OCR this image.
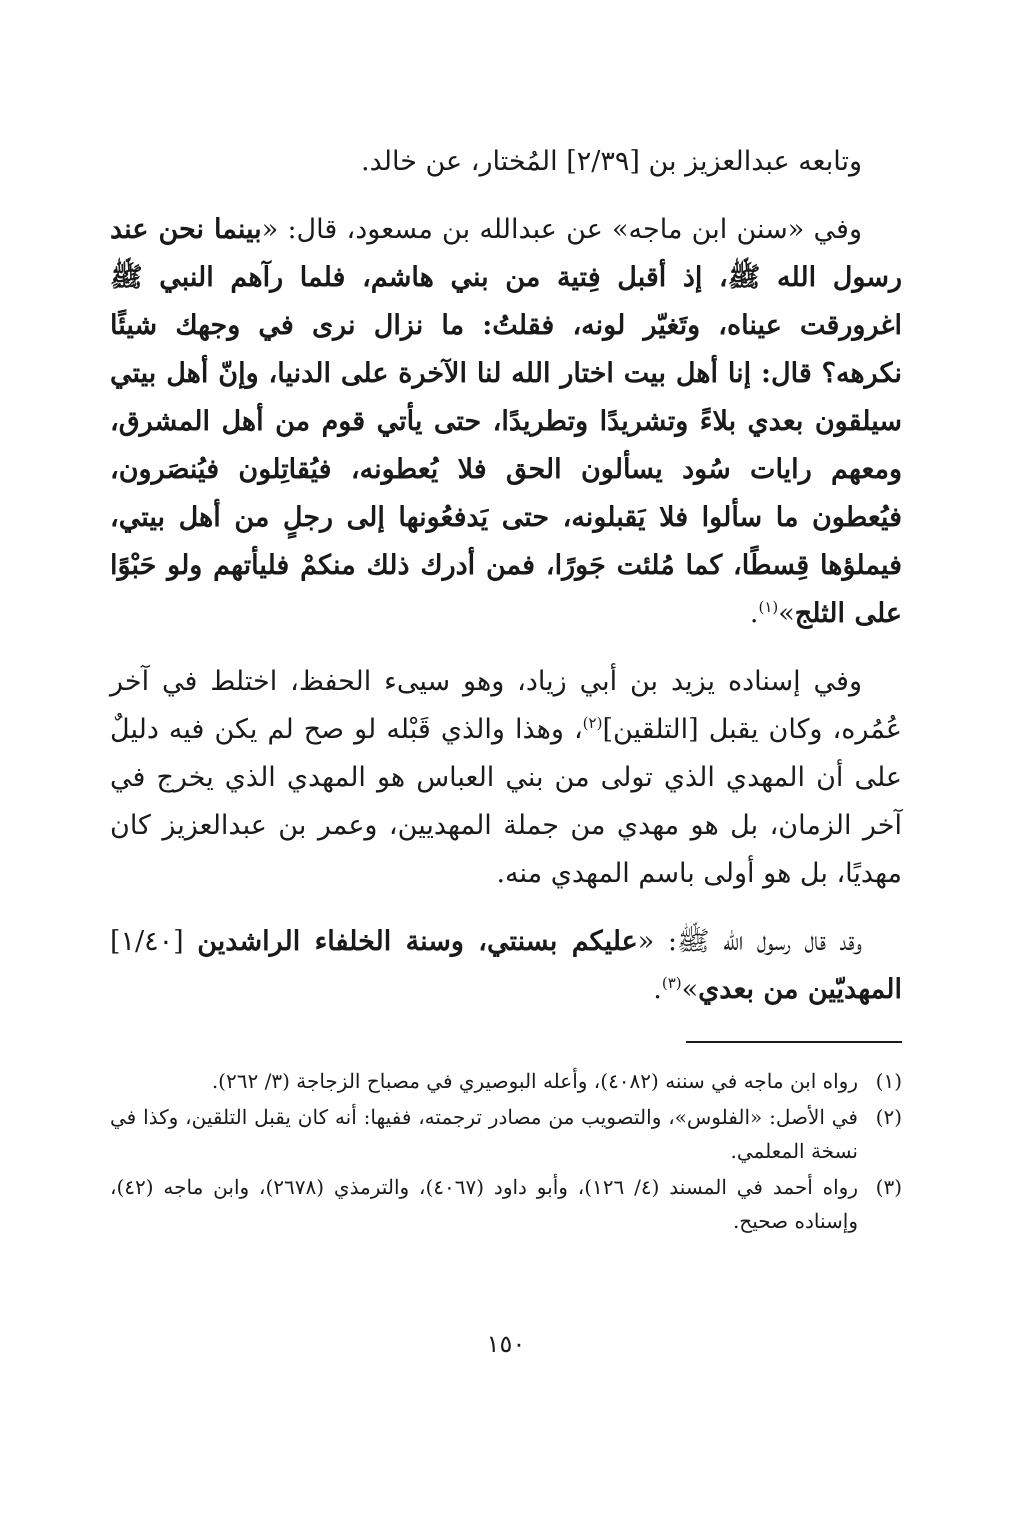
وتابعه عبدالعزيز بن [٢/٣٩] المُختار، عن خالد.

وفي «سنن ابن ماجه» عن عبدالله بن مسعود، قال: «بينما نحن عند رسول الله ﷺ، إذ أقبل فِتية من بني هاشم، فلما رآهم النبي ﷺ اغرورقت عيناه، وتَغيّر لونه، فقلتُ: ما نزال نرى في وجهك شيئًا نكرهه؟ قال: إنا أهل بيت اختار الله لنا الآخرة على الدنيا، وإنّ أهل بيتي سيلقون بعدي بلاءً وتشريدًا وتطريدًا، حتى يأتي قوم من أهل المشرق، ومعهم رايات سُود يسألون الحق فلا يُعطونه، فيُقاتِلون فيُنصَرون، فيُعطون ما سألوا فلا يَقبلونه، حتى يَدفعُونها إلى رجلٍ من أهل بيتي، فيملؤها قِسطًا، كما مُلئت جَورًا، فمن أدرك ذلك منكمْ فليأتهم ولو حَبْوًا على الثلج»$^{(١)}$.

وفي إسناده يزيد بن أبي زياد، وهو سيىء الحفظ، اختلط في آخر عُمُره، وكان يقبل [التلقين]$^{(٢)}$، وهذا والذي قَبْله لو صح لم يكن فيه دليلٌ على أن المهدي الذي تولى من بني العباس هو المهدي الذي يخرج في آخر الزمان، بل هو مهدي من جملة المهديين، وعمر بن عبدالعزيز كان مهديًا، بل هو أولى باسم المهدي منه.

وقد قال رسول الله ﷺ: «عليكم بسنتي، وسنة الخلفاء الراشدين [١/٤٠] المهديّين من بعدي»$^{(٣)}$.

(١)
رواه ابن ماجه في سننه (٤٠٨٢)، وأعله البوصيري في مصباح الزجاجة (٣/ ٢٦٢).
(٢)
في الأصل: «الفلوس»، والتصويب من مصادر ترجمته، ففيها: أنه كان يقبل التلقين، وكذا في نسخة المعلمي.
(٣)
رواه أحمد في المسند (٤/ ١٢٦)، وأبو داود (٤٠٦٧)، والترمذي (٢٦٧٨)، وابن ماجه (٤٢)، وإسناده صحيح.
١٥٠
